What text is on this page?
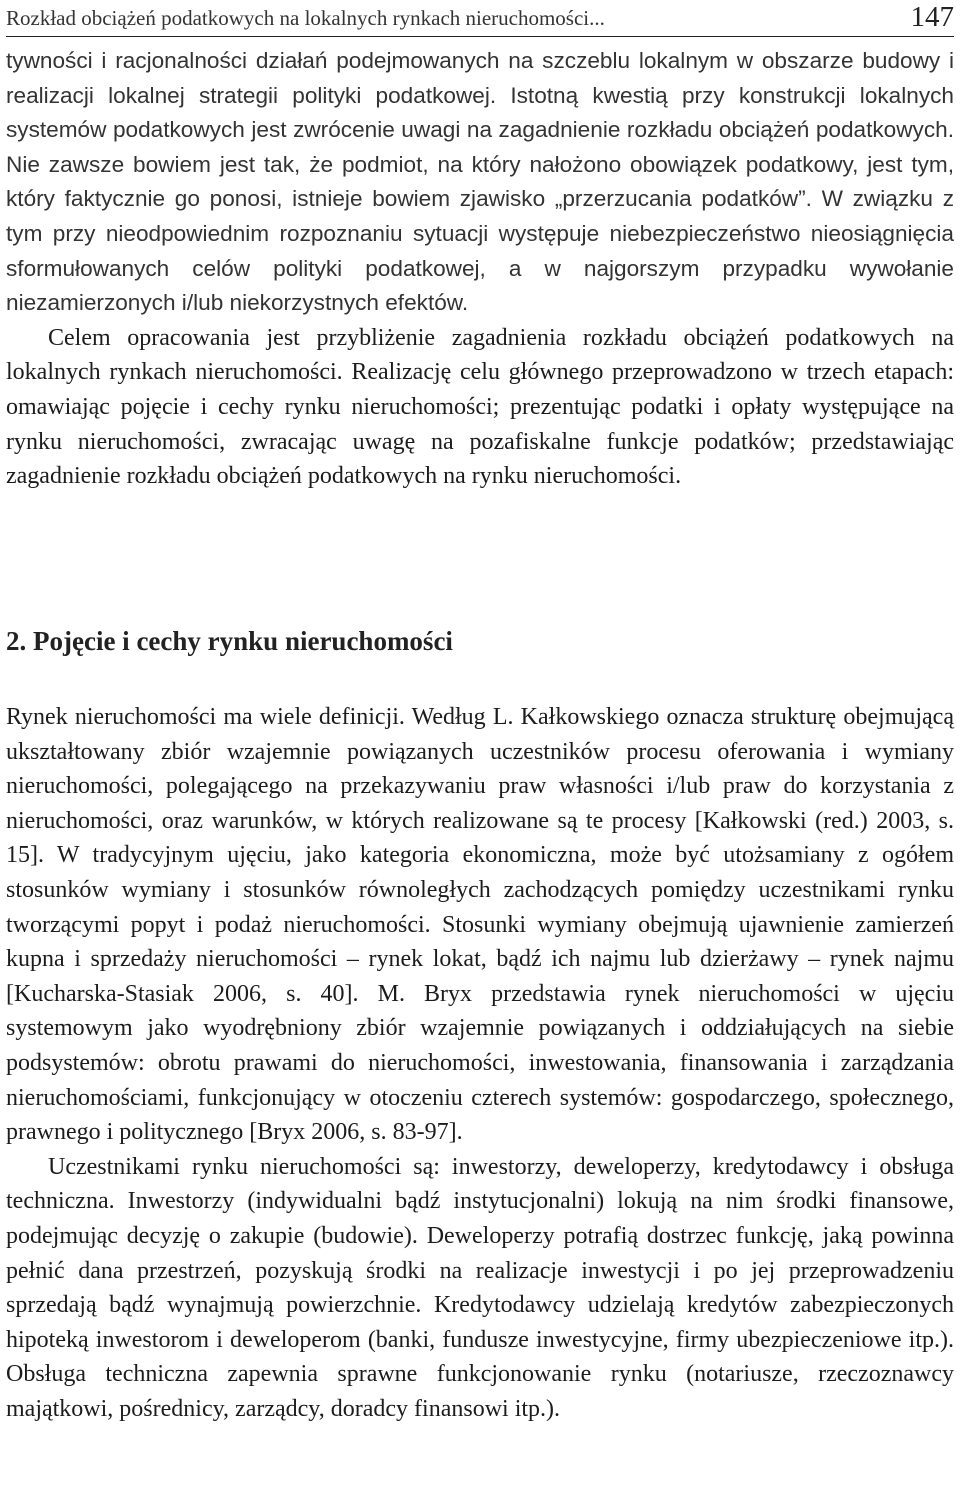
Rozkład obciążeń podatkowych na lokalnych rynkach nieruchomości...	147

tywności i racjonalności działań podejmowanych na szczeblu lokalnym w obszarze budowy i realizacji lokalnej strategii polityki podatkowej. Istotną kwestią przy konstrukcji lokalnych systemów podatkowych jest zwrócenie uwagi na zagadnienie rozkładu obciążeń podatkowych. Nie zawsze bowiem jest tak, że podmiot, na który nałożono obowiązek podatkowy, jest tym, który faktycznie go ponosi, istnieje bowiem zjawisko „przerzucania podatków”. W związku z tym przy nieodpowiednim rozpoznaniu sytuacji występuje niebezpieczeństwo nieosiągnięcia sformułowanych celów polityki podatkowej, a w najgorszym przypadku wywołanie niezamierzonych i/lub niekorzystnych efektów.

Celem opracowania jest przybliżenie zagadnienia rozkładu obciążeń podatkowych na lokalnych rynkach nieruchomości. Realizację celu głównego przeprowadzono w trzech etapach: omawiając pojęcie i cechy rynku nieruchomości; prezentując podatki i opłaty występujące na rynku nieruchomości, zwracając uwagę na pozafiskalne funkcje podatków; przedstawiając zagadnienie rozkładu obciążeń podatkowych na rynku nieruchomości.

2. Pojęcie i cechy rynku nieruchomości

Rynek nieruchomości ma wiele definicji. Według L. Kałkowskiego oznacza strukturę obejmującą ukształtowany zbiór wzajemnie powiązanych uczestników procesu oferowania i wymiany nieruchomości, polegającego na przekazywaniu praw własności i/lub praw do korzystania z nieruchomości, oraz warunków, w których realizowane są te procesy [Kałkowski (red.) 2003, s. 15]. W tradycyjnym ujęciu, jako kategoria ekonomiczna, może być utożsamiany z ogółem stosunków wymiany i stosunków równoległych zachodzących pomiędzy uczestnikami rynku tworzącymi popyt i podaż nieruchomości. Stosunki wymiany obejmują ujawnienie zamierzeń kupna i sprzedaży nieruchomości – rynek lokat, bądź ich najmu lub dzierżawy – rynek najmu [Kucharska-Stasiak 2006, s. 40]. M. Bryx przedstawia rynek nieruchomości w ujęciu systemowym jako wyodrębniony zbiór wzajemnie powiązanych i oddziałujących na siebie podsystemów: obrotu prawami do nieruchomości, inwestowania, finansowania i zarządzania nieruchomościami, funkcjonujący w otoczeniu czterech systemów: gospodarczego, społecznego, prawnego i politycznego [Bryx 2006, s. 83-97].

Uczestnikami rynku nieruchomości są: inwestorzy, deweloperzy, kredytodawcy i obsługa techniczna. Inwestorzy (indywidualni bądź instytucjonalni) lokują na nim środki finansowe, podejmując decyzję o zakupie (budowie). Deweloperzy potrafią dostrzec funkcję, jaką powinna pełnić dana przestrzeń, pozyskują środki na realizacje inwestycji i po jej przeprowadzeniu sprzedają bądź wynajmują powierzchnie. Kredytodawcy udzielają kredytów zabezpieczonych hipoteką inwestorom i deweloperom (banki, fundusze inwestycyjne, firmy ubezpieczeniowe itp.). Obsługa techniczna zapewnia sprawne funkcjonowanie rynku (notariusze, rzeczoznawcy majątkowi, pośrednicy, zarządcy, doradcy finansowi itp.).
